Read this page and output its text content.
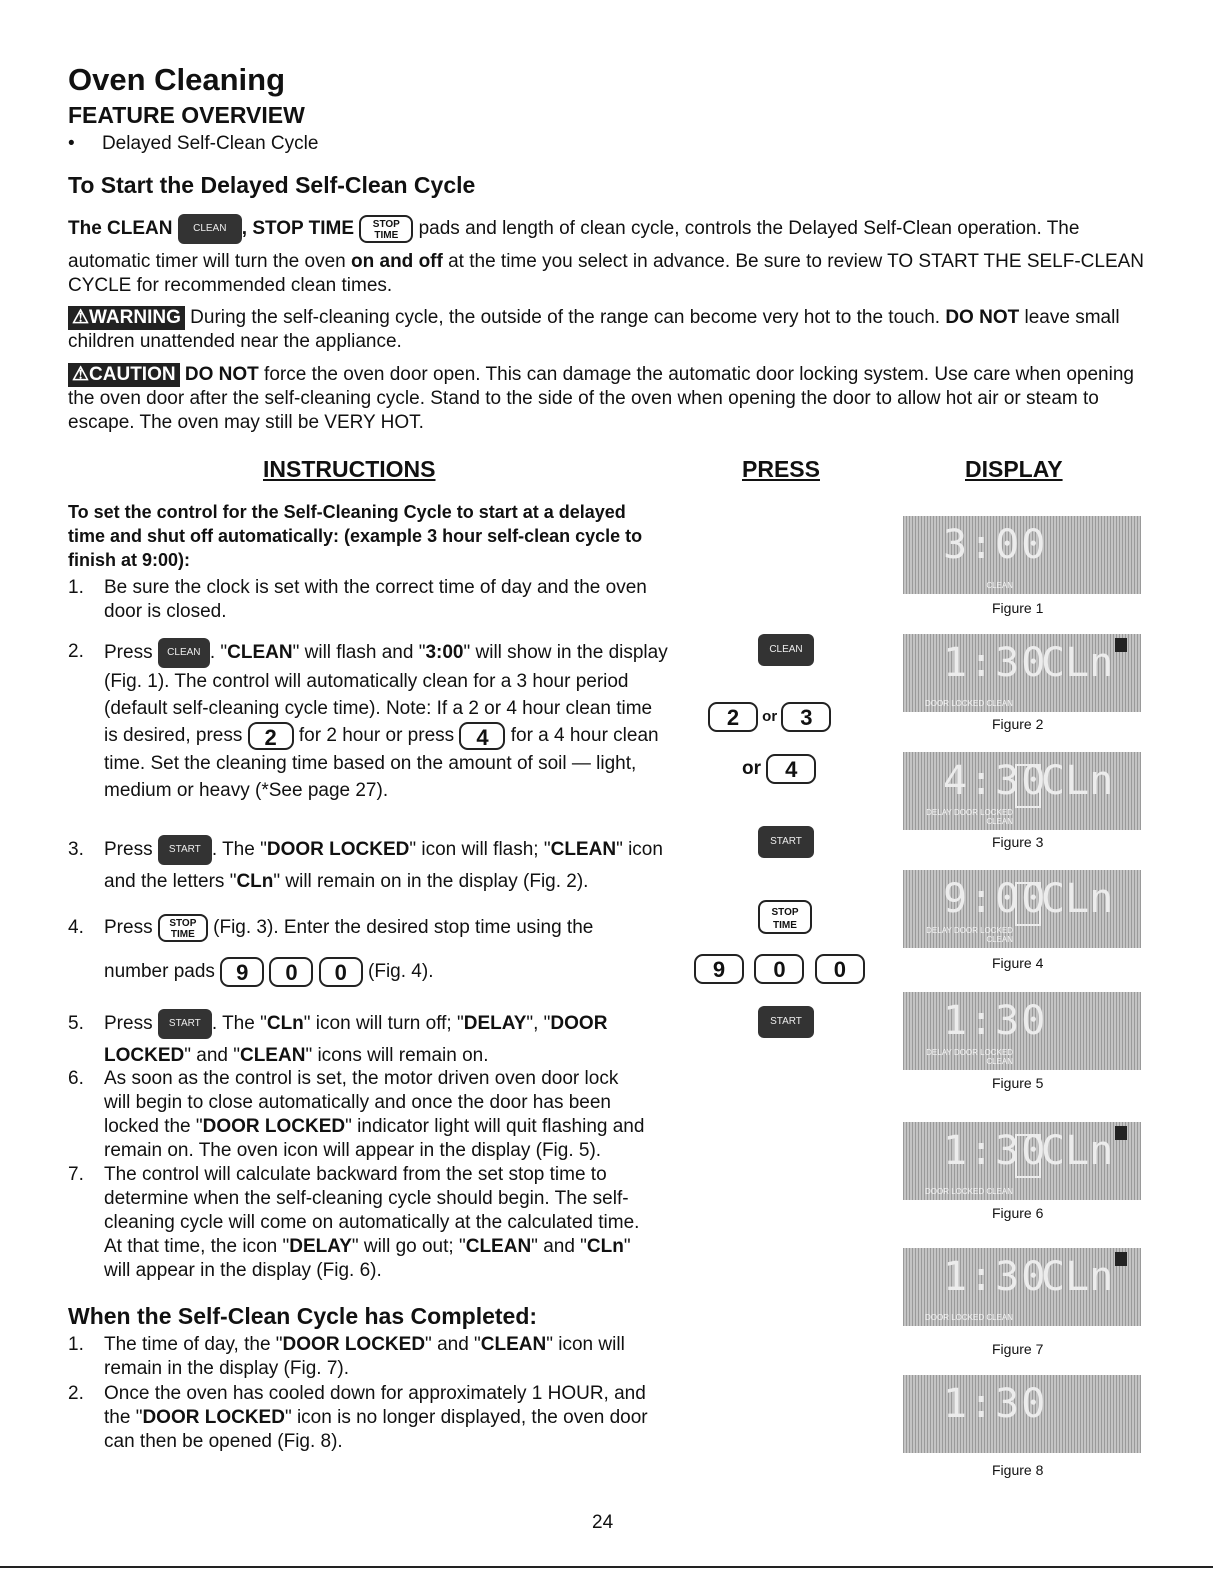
Oven Cleaning
FEATURE OVERVIEW
• Delayed Self-Clean Cycle
To Start the Delayed Self-Clean Cycle
The CLEAN CLEAN , STOP TIME STOP
TIME pads and length of clean cycle, controls the Delayed Self-Clean operation. The
automatic timer will turn the oven on and off at the time you select in advance. Be sure to review TO START THE SELF-CLEAN CYCLE for recommended clean times.
⚠WARNING During the self-cleaning cycle, the outside of the range can become very hot to the touch. DO NOT leave small children unattended near the appliance.
⚠CAUTION DO NOT force the oven door open. This can damage the automatic door locking system. Use care when opening the oven door after the self-cleaning cycle. Stand to the side of the oven when opening the door to allow hot air or steam to escape. The oven may still be VERY HOT.
INSTRUCTIONS	PRESS	DISPLAY
To set the control for the Self-Cleaning Cycle to start at a delayed time and shut off automatically: (example 3 hour self-clean cycle to finish at 9:00):
1. Be sure the clock is set with the correct time of day and the oven door is closed.
2. Press CLEAN . "CLEAN" will flash and "3:00" will show in the display (Fig. 1). The control will automatically clean for a 3 hour period (default self-cleaning cycle time). Note: If a 2 or 4 hour clean time is desired, press 2 for 2 hour or press 4 for a 4 hour clean time. Set the cleaning time based on the amount of soil — light, medium or heavy (*See page 27).
3. Press START . The "DOOR LOCKED" icon will flash; "CLEAN" icon and the letters "CLn" will remain on in the display (Fig. 2).
4. Press STOP
TIME (Fig. 3). Enter the desired stop time using the
number pads 9 0 0 (Fig. 4).
5. Press START . The "CLn" icon will turn off; "DELAY", "DOOR LOCKED" and "CLEAN" icons will remain on.
6. As soon as the control is set, the motor driven oven door lock will begin to close automatically and once the door has been locked the "DOOR LOCKED" indicator light will quit flashing and remain on. The oven icon will appear in the display (Fig. 5).
7. The control will calculate backward from the set stop time to determine when the self-cleaning cycle should begin. The self-cleaning cycle will come on automatically at the calculated time. At that time, the icon "DELAY" will go out; "CLEAN" and "CLn" will appear in the display (Fig. 6).
When the Self-Clean Cycle has Completed:
1. The time of day, the "DOOR LOCKED" and "CLEAN" icon will remain in the display (Fig. 7).
2. Once the oven has cooled down for approximately 1 HOUR, and the "DOOR LOCKED" icon is no longer displayed, the oven door can then be opened (Fig. 8).
CLEAN
2 or 3
or 4
START
STOP
TIME
9 0 0
START
3:00
CLEAN
Figure 1
1:30
CLn
DOOR LOCKED CLEAN
Figure 2
4:30
CLn
DELAY DOOR LOCKED CLEAN
Figure 3
9:00
CLn
DELAY DOOR LOCKED CLEAN
Figure 4
1:30
DELAY DOOR LOCKED CLEAN
Figure 5
1:30
CLn
DOOR LOCKED CLEAN
Figure 6
1:30
CLn
DOOR LOCKED CLEAN
Figure 7
1:30
Figure 8
24
